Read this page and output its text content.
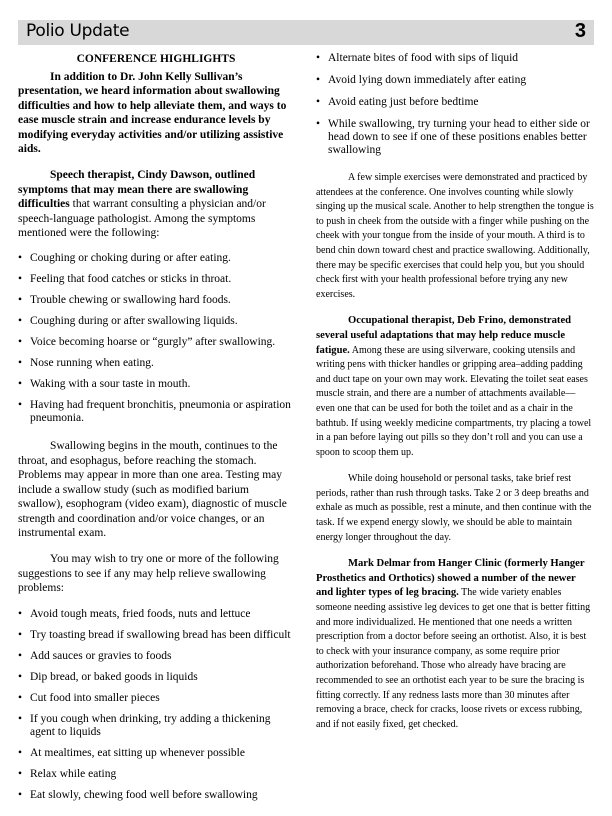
Polio Update	3
CONFERENCE HIGHLIGHTS

In addition to Dr. John Kelly Sullivan’s presentation, we heard information about swallowing difficulties and how to help alleviate them, and ways to ease muscle strain and increase endurance levels by modifying everyday activities and/or utilizing assistive aids.

Speech therapist, Cindy Dawson, outlined symptoms that may mean there are swallowing difficulties that warrant consulting a physician and/or speech-language pathologist. Among the symptoms mentioned were the following:

• Coughing or choking during or after eating.
• Feeling that food catches or sticks in throat.
• Trouble chewing or swallowing hard foods.
• Coughing during or after swallowing liquids.
• Voice becoming hoarse or “gurgly” after swallowing.
• Nose running when eating.
• Waking with a sour taste in mouth.
• Having had frequent bronchitis, pneumonia or aspiration pneumonia.

Swallowing begins in the mouth, continues to the throat, and esophagus, before reaching the stomach. Problems may appear in more than one area. Testing may include a swallow study (such as modified barium swallow), esophogram (video exam), diagnostic of muscle strength and coordination and/or voice changes, or an instrumental exam.

You may wish to try one or more of the following suggestions to see if any may help relieve swallowing problems:

• Avoid tough meats, fried foods, nuts and lettuce
• Try toasting bread if swallowing bread has been difficult
• Add sauces or gravies to foods
• Dip bread, or baked goods in liquids
• Cut food into smaller pieces
• If you cough when drinking, try adding a thickening agent to liquids
• At mealtimes, eat sitting up whenever possible
• Relax while eating
• Eat slowly, chewing food well before swallowing
• Alternate bites of food with sips of liquid
• Avoid lying down immediately after eating
• Avoid eating just before bedtime
• While swallowing, try turning your head to either side or head down to see if one of these positions enables better swallowing

A few simple exercises were demonstrated and practiced by attendees at the conference. One involves counting while slowly singing up the musical scale. Another to help strengthen the tongue is to push in cheek from the outside with a finger while pushing on the cheek with your tongue from the inside of your mouth. A third is to bend chin down toward chest and practice swallowing. Additionally, there may be specific exercises that could help you, but you should check first with your health professional before trying any new exercises.

Occupational therapist, Deb Frino, demonstrated several useful adaptations that may help reduce muscle fatigue. Among these are using silverware, cooking utensils and writing pens with thicker handles or gripping area–adding padding and duct tape on your own may work. Elevating the toilet seat eases muscle strain, and there are a number of attachments available—even one that can be used for both the toilet and as a chair in the bathtub. If using weekly medicine compartments, try placing a towel in a pan before laying out pills so they don’t roll and you can use a spoon to scoop them up.

While doing household or personal tasks, take brief rest periods, rather than rush through tasks. Take 2 or 3 deep breaths and exhale as much as possible, rest a minute, and then continue with the task. If we expend energy slowly, we should be able to maintain energy longer throughout the day.

Mark Delmar from Hanger Clinic (formerly Hanger Prosthetics and Orthotics) showed a number of the newer and lighter types of leg bracing. The wide variety enables someone needing assistive leg devices to get one that is better fitting and more individualized. He mentioned that one needs a written prescription from a doctor before seeing an orthotist. Also, it is best to check with your insurance company, as some require prior authorization beforehand. Those who already have bracing are recommended to see an orthotist each year to be sure the bracing is fitting correctly. If any redness lasts more than 30 minutes after removing a brace, check for cracks, loose rivets or excess rubbing, and if not easily fixed, get checked.
